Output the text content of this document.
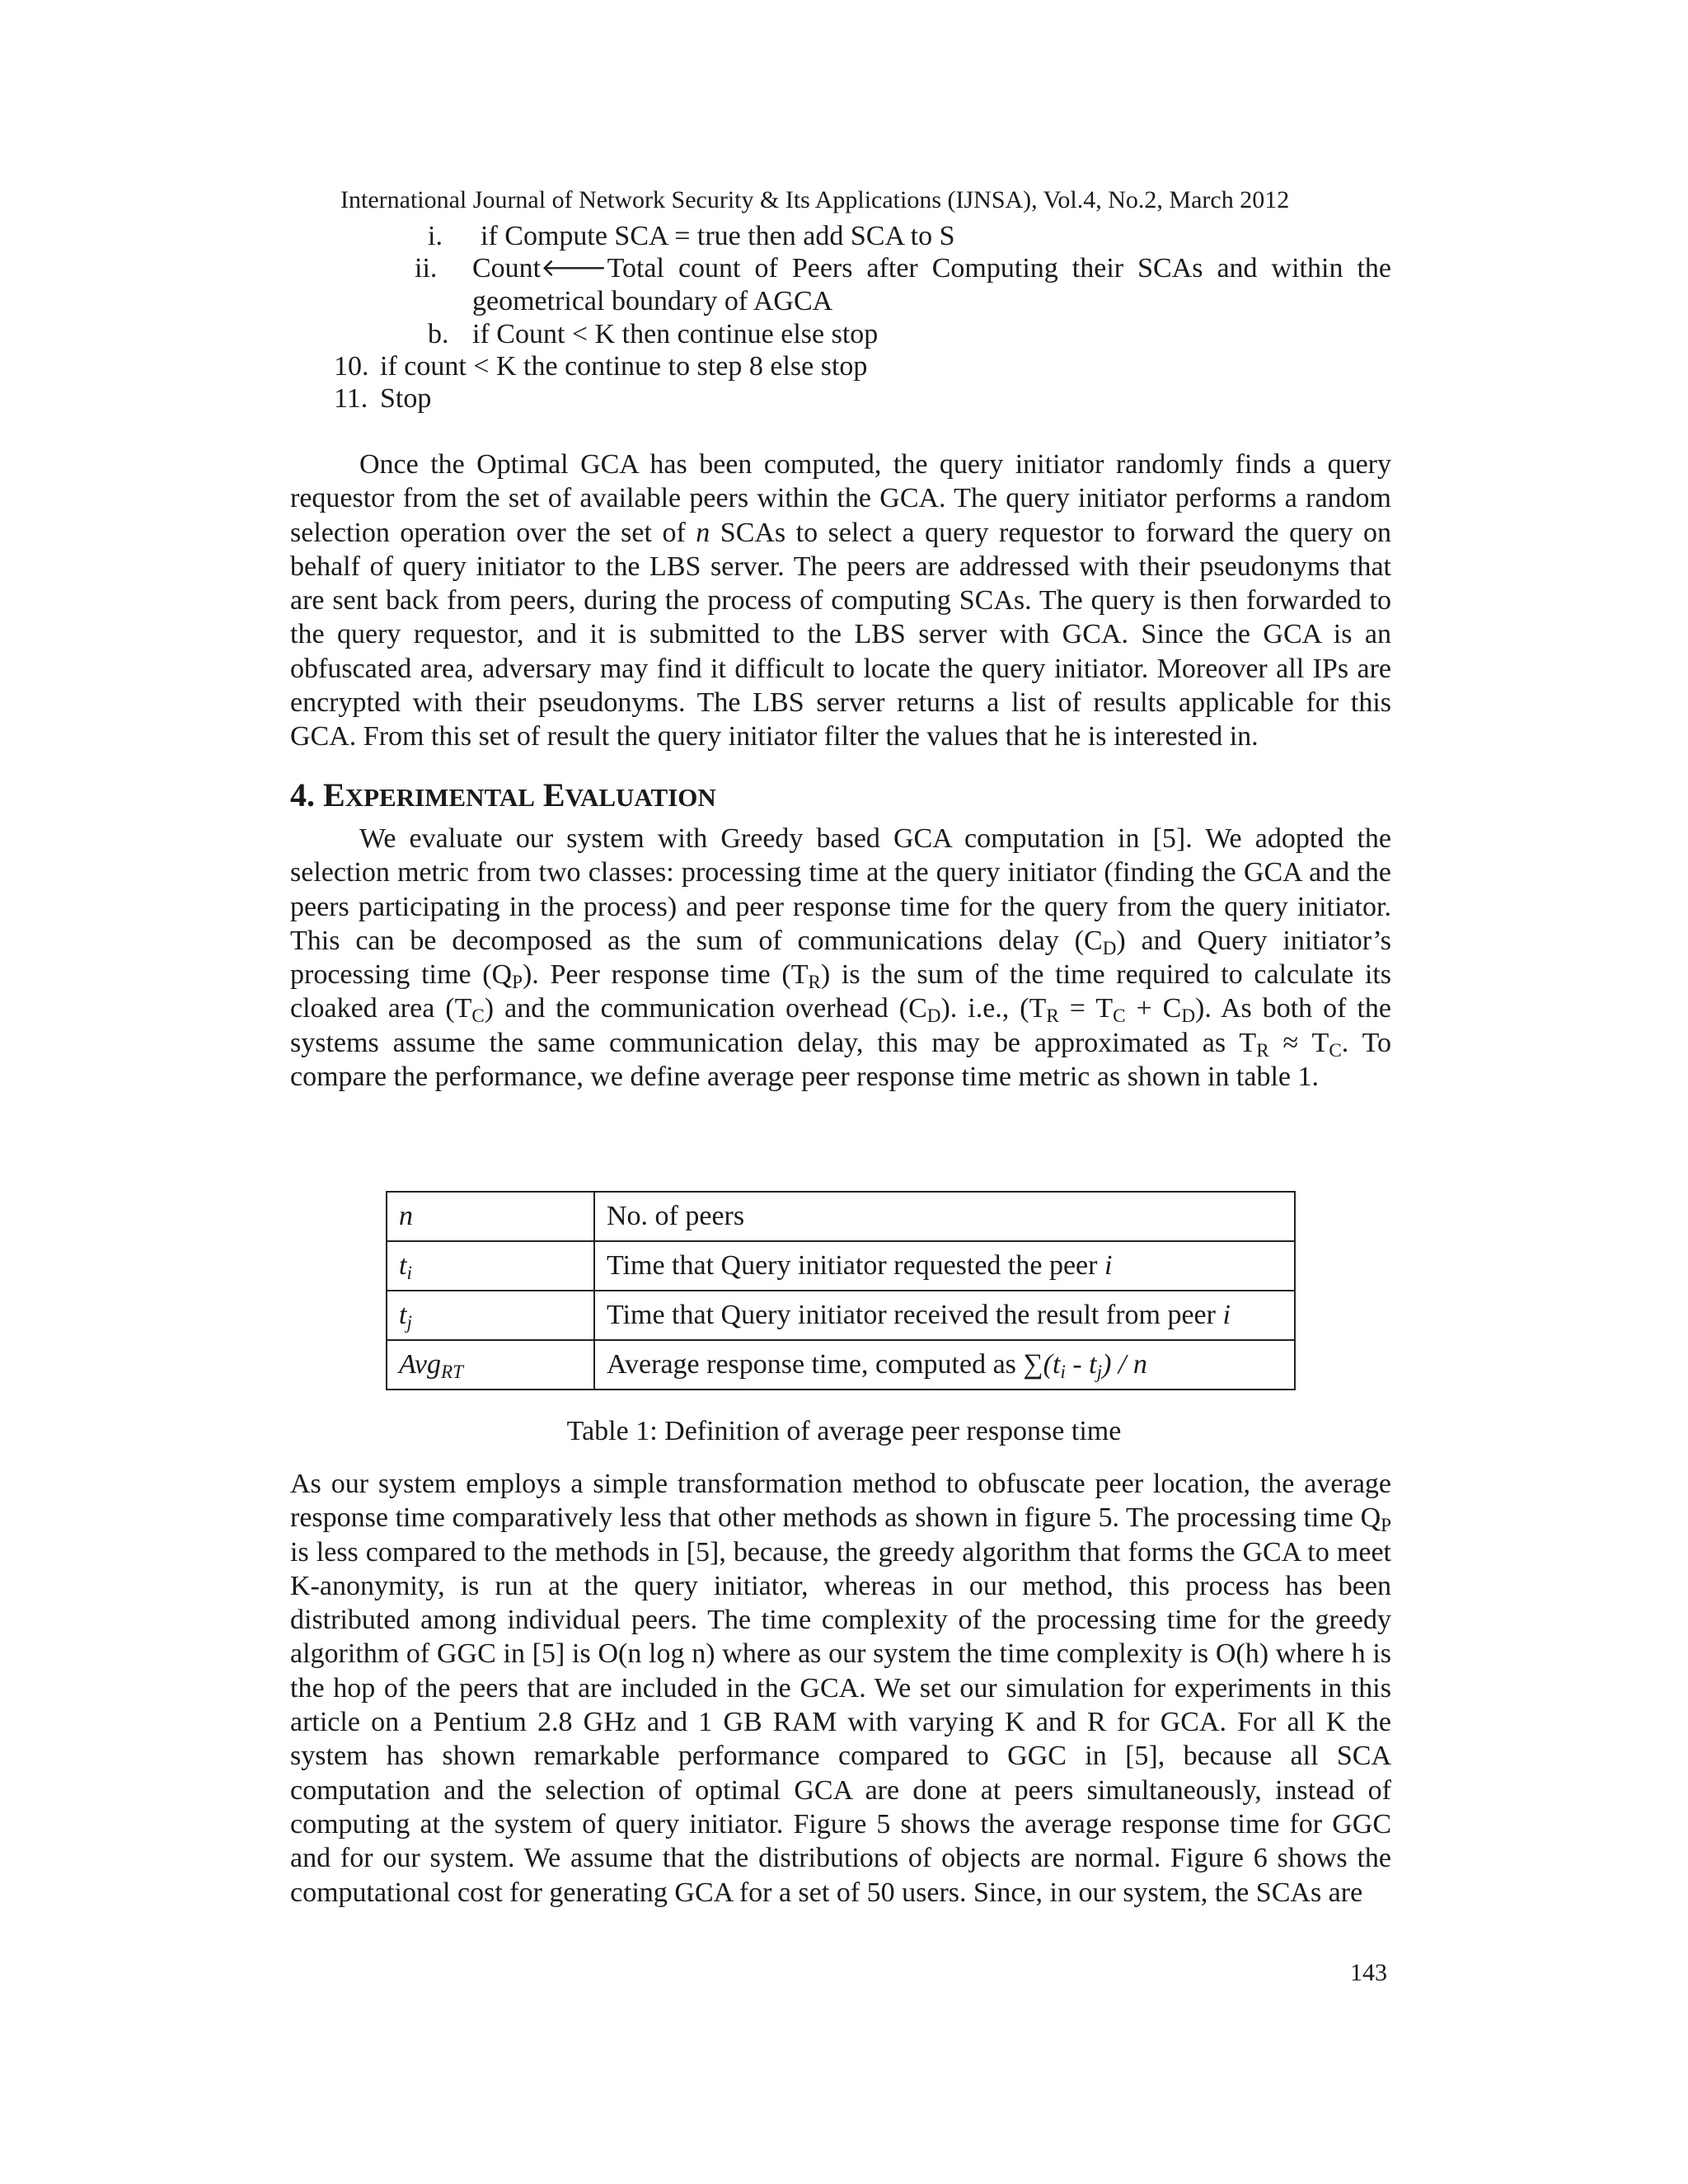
International Journal of Network Security & Its Applications (IJNSA), Vol.4, No.2, March 2012
i. if Compute SCA = true then add SCA to S
ii. Count 🡐 Total count of Peers after Computing their SCAs and within the
geometrical boundary of AGCA
b. if Count < K then continue else stop
10. if count < K the continue to step 8 else stop
11. Stop

Once the Optimal GCA has been computed, the query initiator randomly finds a query requestor from the set of available peers within the GCA. The query initiator performs a random selection operation over the set of n SCAs to select a query requestor to forward the query on behalf of query initiator to the LBS server. The peers are addressed with their pseudonyms that are sent back from peers, during the process of computing SCAs. The query is then forwarded to the query requestor, and it is submitted to the LBS server with GCA. Since the GCA is an obfuscated area, adversary may find it difficult to locate the query initiator. Moreover all IPs are encrypted with their pseudonyms. The LBS server returns a list of results applicable for this GCA. From this set of result the query initiator filter the values that he is interested in.

4. EXPERIMENTAL EVALUATION

We evaluate our system with Greedy based GCA computation in [5]. We adopted the selection metric from two classes: processing time at the query initiator (finding the GCA and the peers participating in the process) and peer response time for the query from the query initiator. This can be decomposed as the sum of communications delay $(C_D)$ and Query initiator’s processing time $(Q_P)$. Peer response time $(T_R)$ is the sum of the time required to calculate its cloaked area $(T_C)$ and the communication overhead $(C_D)$. i.e., $(T_R = T_C + C_D)$. As both of the systems assume the same communication delay, this may be approximated as $T_R \approx T_C$. To compare the performance, we define average peer response time metric as shown in table 1.

n	No. of peers
$t_i$	Time that Query initiator requested the peer i
$t_j$	Time that Query initiator received the result from peer i
Avg$_{RT}$	Average response time, computed as $\sum(t_i - t_j)$ / n
Table 1: Definition of average peer response time

As our system employs a simple transformation method to obfuscate peer location, the average response time comparatively less that other methods as shown in figure 5. The processing time $Q_P$ is less compared to the methods in [5], because, the greedy algorithm that forms the GCA to meet K-anonymity, is run at the query initiator, whereas in our method, this process has been distributed among individual peers. The time complexity of the processing time for the greedy algorithm of GGC in [5] is O(n log n) where as our system the time complexity is O(h) where h is the hop of the peers that are included in the GCA. We set our simulation for experiments in this article on a Pentium 2.8 GHz and 1 GB RAM with varying K and R for GCA. For all K the system has shown remarkable performance compared to GGC in [5], because all SCA computation and the selection of optimal GCA are done at peers simultaneously, instead of computing at the system of query initiator. Figure 5 shows the average response time for GGC and for our system. We assume that the distributions of objects are normal. Figure 6 shows the computational cost for generating GCA for a set of 50 users. Since, in our system, the SCAs are

143
